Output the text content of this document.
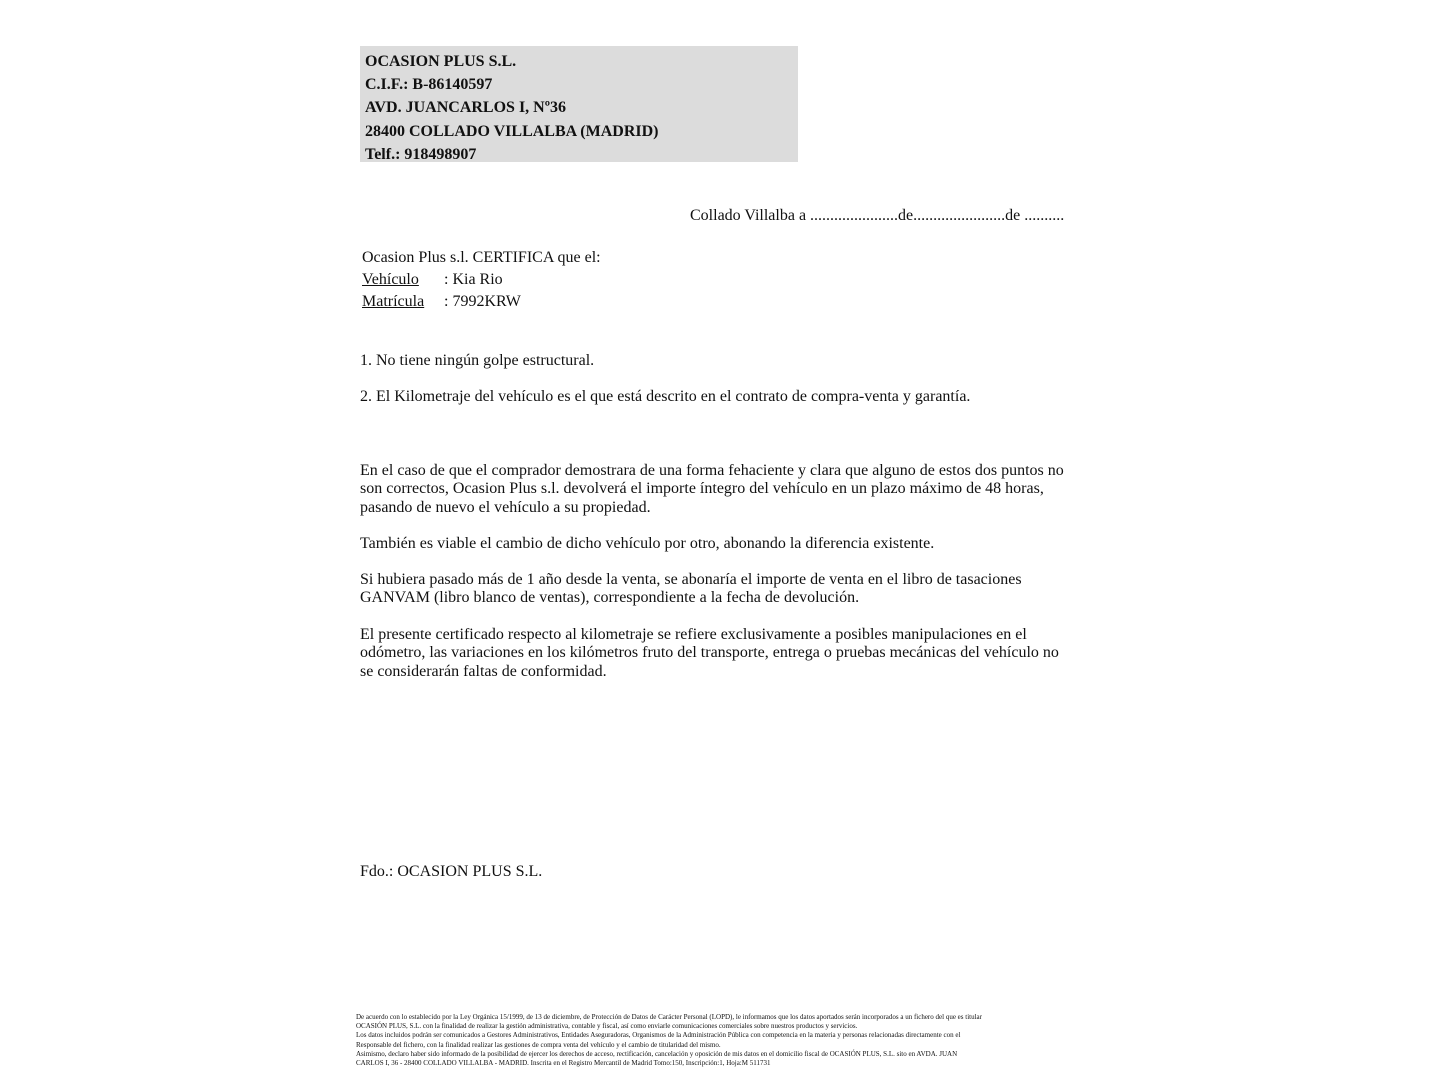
OCASION PLUS S.L.
C.I.F.: B-86140597
AVD. JUANCARLOS I, Nº36
28400 COLLADO VILLALBA (MADRID)
Telf.: 918498907
Collado Villalba a ......................de.......................de ..........
Ocasion Plus s.l. CERTIFICA que el:
Vehículo : Kia Rio
Matrícula : 7992KRW
1. No tiene ningún golpe estructural.
2. El Kilometraje del vehículo es el que está descrito en el contrato de compra-venta y garantía.
En el caso de que el comprador demostrara de una forma fehaciente y clara que alguno de estos dos puntos no
son correctos, Ocasion Plus s.l. devolverá el importe íntegro del vehículo en un plazo máximo de 48 horas,
pasando de nuevo el vehículo a su propiedad.
También es viable el cambio de dicho vehículo por otro, abonando la diferencia existente.
Si hubiera pasado más de 1 año desde la venta, se abonaría el importe de venta en el libro de tasaciones
GANVAM (libro blanco de ventas), correspondiente a la fecha de devolución.
El presente certificado respecto al kilometraje se refiere exclusivamente a posibles manipulaciones en el
odómetro, las variaciones en los kilómetros fruto del transporte, entrega o pruebas mecánicas del vehículo no
se considerarán faltas de conformidad.
Fdo.: OCASION PLUS S.L.
De acuerdo con lo establecido por la Ley Orgánica 15/1999, de 13 de diciembre, de Protección de Datos de Carácter Personal (LOPD), le informamos que los datos aportados serán incorporados a un fichero del que es titular
OCASIÓN PLUS, S.L. con la finalidad de realizar la gestión administrativa, contable y fiscal, así como enviarle comunicaciones comerciales sobre nuestros productos y servicios.
Los datos incluidos podrán ser comunicados a Gestores Administrativos, Entidades Aseguradoras, Organismos de la Administración Pública con competencia en la materia y personas relacionadas directamente con el
Responsable del fichero, con la finalidad realizar las gestiones de compra venta del vehículo y el cambio de titularidad del mismo.
Asimismo, declaro haber sido informado de la posibilidad de ejercer los derechos de acceso, rectificación, cancelación y oposición de mis datos en el domicilio fiscal de OCASIÓN PLUS, S.L. sito en AVDA. JUAN
CARLOS I, 36 - 28400 COLLADO VILLALBA - MADRID. Inscrita en el Registro Mercantil de Madrid Tomo:150, Inscripción:1, Hoja:M 511731
